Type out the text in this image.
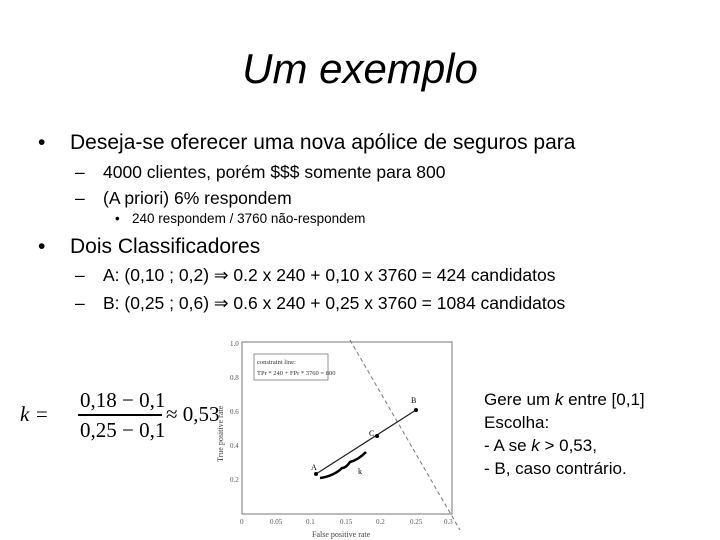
Um exemplo
• Deseja-se oferecer uma nova apólice de seguros para
– 4000 clientes, porém $$$ somente para 800
– (A priori) 6% respondem
• 240 respondem / 3760 não-respondem
• Dois Classificadores
– A: (0,10 ; 0,2) ⇒ 0.2 x 240 + 0,10 x 3760 = 424 candidatos
– B: (0,25 ; 0,6) ⇒ 0.6 x 240 + 0,25 x 3760 = 1084 candidatos
k =
0,18 − 0,1
0,25 − 0,1
≈ 0,53
1.0
0.8
0.6
0.4
0.2
0	0.05	0.1	0.15	0.2	0.25	0.3
False positive rate
True positive rate
constraint line:
TPr * 240 + FPr * 3760 = 800
A
B
C
k
Gere um k entre [0,1]
Escolha:
- A se k > 0,53,
- B, caso contrário.
